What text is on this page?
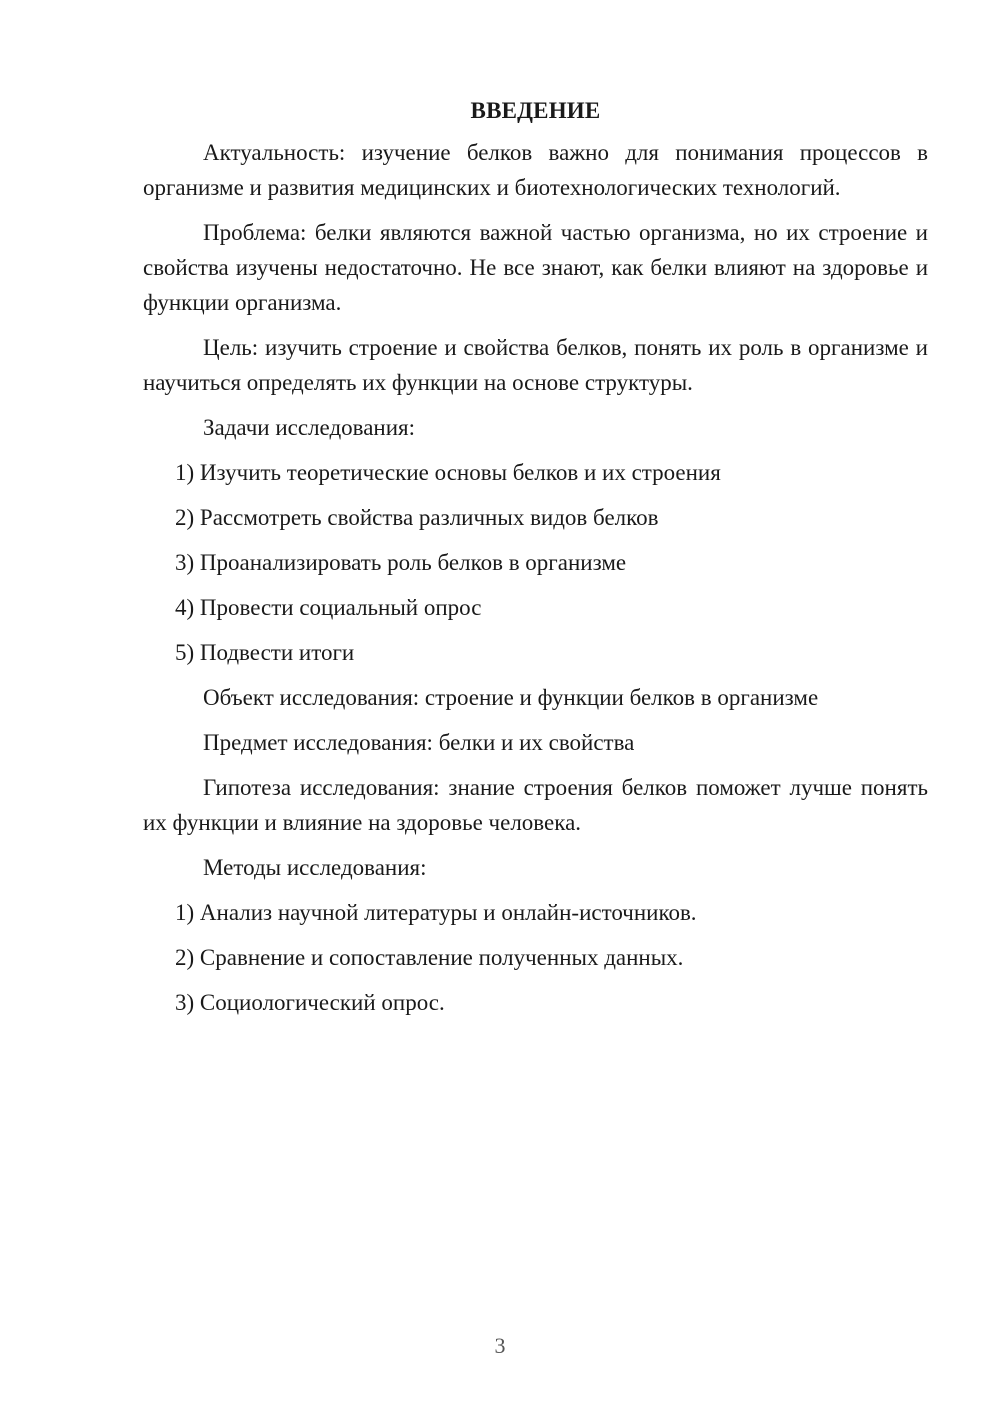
ВВЕДЕНИЕ

Актуальность: изучение белков важно для понимания процессов в организме и развития медицинских и биотехнологических технологий.

Проблема: белки являются важной частью организма, но их строение и свойства изучены недостаточно. Не все знают, как белки влияют на здоровье и функции организма.

Цель: изучить строение и свойства белков, понять их роль в организме и научиться определять их функции на основе структуры.

Задачи исследования:

1) Изучить теоретические основы белков и их строения
2) Рассмотреть свойства различных видов белков
3) Проанализировать роль белков в организме
4) Провести социальный опрос
5) Подвести итоги

Объект исследования: строение и функции белков в организме

Предмет исследования: белки и их свойства

Гипотеза исследования: знание строения белков поможет лучше понять их функции и влияние на здоровье человека.

Методы исследования:

1) Анализ научной литературы и онлайн-источников.
2) Сравнение и сопоставление полученных данных.
3) Социологический опрос.
3
